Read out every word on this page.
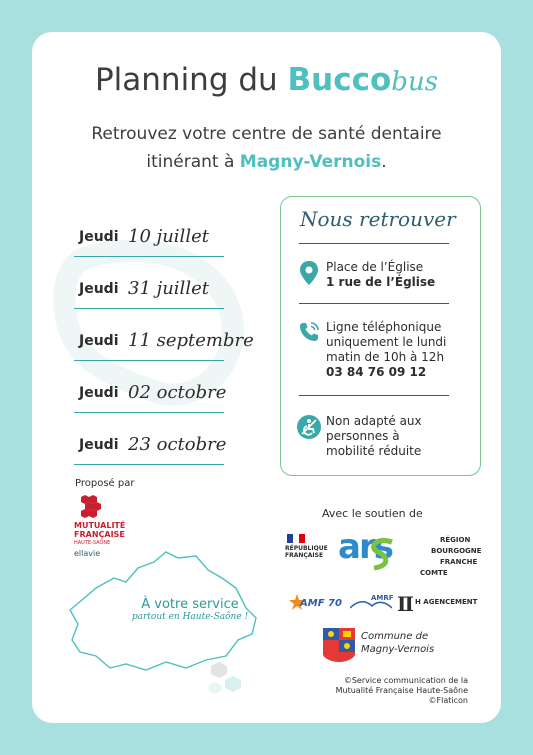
Planning du Buccobus
Retrouvez votre centre de santé dentaire
itinérant à Magny-Vernois.
Jeudi 10 juillet
Jeudi 31 juillet
Jeudi 11 septembre
Jeudi 02 octobre
Jeudi 23 octobre
Nous retrouver
Place de l’Église
1 rue de l’Église
Ligne téléphonique
uniquement le lundi
matin de 10h à 12h
03 84 76 09 12
Non adapté aux
personnes à
mobilité réduite
Proposé par
MUTUALITÉ
FRANÇAISE
HAUTE-SAÔNE
ellavie
À votre service
partout en Haute-Saône !
Avec le soutien de
RÉPUBLIQUE
FRANÇAISE ars	RÉGION
BOURGOGNE
FRANCHE
COMTE
AMF 70	AMRF Ⅱ H AGENCEMENT
Commune de
Magny-Vernois
©Service communication de la
Mutualité Française Haute-Saône
©Flaticon
